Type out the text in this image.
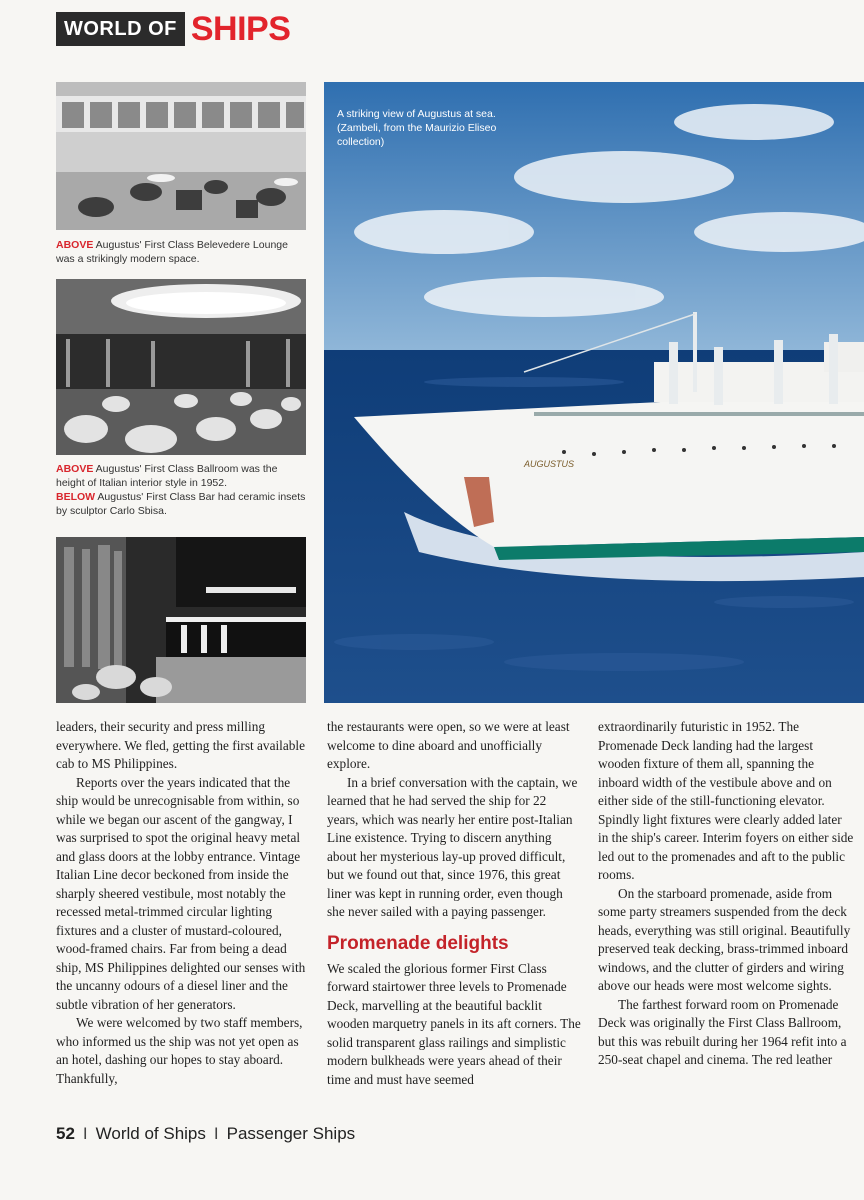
WORLD OF SHIPS
ABOVE Augustus' First Class Belevedere Lounge was a strikingly modern space.
ABOVE Augustus' First Class Ballroom was the height of Italian interior style in 1952.
BELOW Augustus' First Class Bar had ceramic insets by sculptor Carlo Sbisa.
AUGUSTUS
A striking view of Augustus at sea. (Zambeli, from the Maurizio Eliseo collection)

leaders, their security and press milling everywhere. We fled, getting the first available cab to MS Philippines.

Reports over the years indicated that the ship would be unrecognisable from within, so while we began our ascent of the gangway, I was surprised to spot the original heavy metal and glass doors at the lobby entrance. Vintage Italian Line decor beckoned from inside the sharply sheered vestibule, most notably the recessed metal-trimmed circular lighting fixtures and a cluster of mustard-coloured, wood-framed chairs. Far from being a dead ship, MS Philippines delighted our senses with the uncanny odours of a diesel liner and the subtle vibration of her generators.

We were welcomed by two staff members, who informed us the ship was not yet open as an hotel, dashing our hopes to stay aboard. Thankfully,

the restaurants were open, so we were at least welcome to dine aboard and unofficially explore.

In a brief conversation with the captain, we learned that he had served the ship for 22 years, which was nearly her entire post-Italian Line existence. Trying to discern anything about her mysterious lay-up proved difficult, but we found out that, since 1976, this great liner was kept in running order, even though she never sailed with a paying passenger.

Promenade delights

We scaled the glorious former First Class forward stairtower three levels to Promenade Deck, marvelling at the beautiful backlit wooden marquetry panels in its aft corners. The solid transparent glass railings and simplistic modern bulkheads were years ahead of their time and must have seemed

extraordinarily futuristic in 1952. The Promenade Deck landing had the largest wooden fixture of them all, spanning the inboard width of the vestibule above and on either side of the still-functioning elevator. Spindly light fixtures were clearly added later in the ship's career. Interim foyers on either side led out to the promenades and aft to the public rooms.

On the starboard promenade, aside from some party streamers suspended from the deck heads, everything was still original. Beautifully preserved teak decking, brass-trimmed inboard windows, and the clutter of girders and wiring above our heads were most welcome sights.

The farthest forward room on Promenade Deck was originally the First Class Ballroom, but this was rebuilt during her 1964 refit into a 250-seat chapel and cinema. The red leather

52 I World of Ships I Passenger Ships
